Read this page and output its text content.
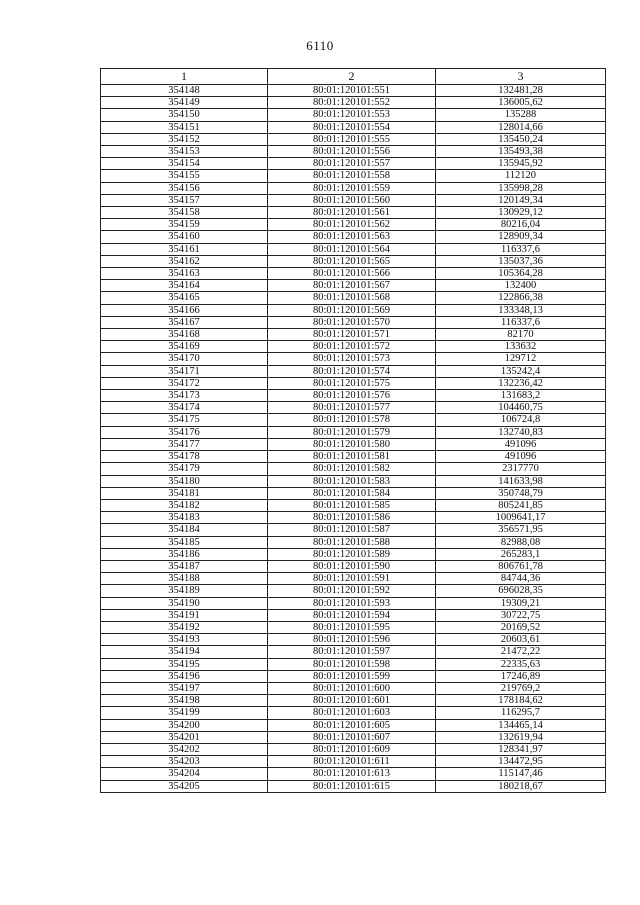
6110
1	2	3
354148	80:01:120101:551	132481,28
354149	80:01:120101:552	136005,62
354150	80:01:120101:553	135288
354151	80:01:120101:554	128014,66
354152	80:01:120101:555	135450,24
354153	80:01:120101:556	135493,38
354154	80:01:120101:557	135945,92
354155	80:01:120101:558	112120
354156	80:01:120101:559	135998,28
354157	80:01:120101:560	120149,34
354158	80:01:120101:561	130929,12
354159	80:01:120101:562	80216,04
354160	80:01:120101:563	128909,34
354161	80:01:120101:564	116337,6
354162	80:01:120101:565	135037,36
354163	80:01:120101:566	105364,28
354164	80:01:120101:567	132400
354165	80:01:120101:568	122866,38
354166	80:01:120101:569	133348,13
354167	80:01:120101:570	116337,6
354168	80:01:120101:571	82170
354169	80:01:120101:572	133632
354170	80:01:120101:573	129712
354171	80:01:120101:574	135242,4
354172	80:01:120101:575	132236,42
354173	80:01:120101:576	131683,2
354174	80:01:120101:577	104460,75
354175	80:01:120101:578	106724,8
354176	80:01:120101:579	132740,83
354177	80:01:120101:580	491096
354178	80:01:120101:581	491096
354179	80:01:120101:582	2317770
354180	80:01:120101:583	141633,98
354181	80:01:120101:584	350748,79
354182	80:01:120101:585	805241,85
354183	80:01:120101:586	1009641,17
354184	80:01:120101:587	356571,95
354185	80:01:120101:588	82988,08
354186	80:01:120101:589	265283,1
354187	80:01:120101:590	806761,78
354188	80:01:120101:591	84744,36
354189	80:01:120101:592	696028,35
354190	80:01:120101:593	19309,21
354191	80:01:120101:594	30722,75
354192	80:01:120101:595	20169,52
354193	80:01:120101:596	20603,61
354194	80:01:120101:597	21472,22
354195	80:01:120101:598	22335,63
354196	80:01:120101:599	17246,89
354197	80:01:120101:600	219769,2
354198	80:01:120101:601	178184,62
354199	80:01:120101:603	116295,7
354200	80:01:120101:605	134465,14
354201	80:01:120101:607	132619,94
354202	80:01:120101:609	128341,97
354203	80:01:120101:611	134472,95
354204	80:01:120101:613	115147,46
354205	80:01:120101:615	180218,67
